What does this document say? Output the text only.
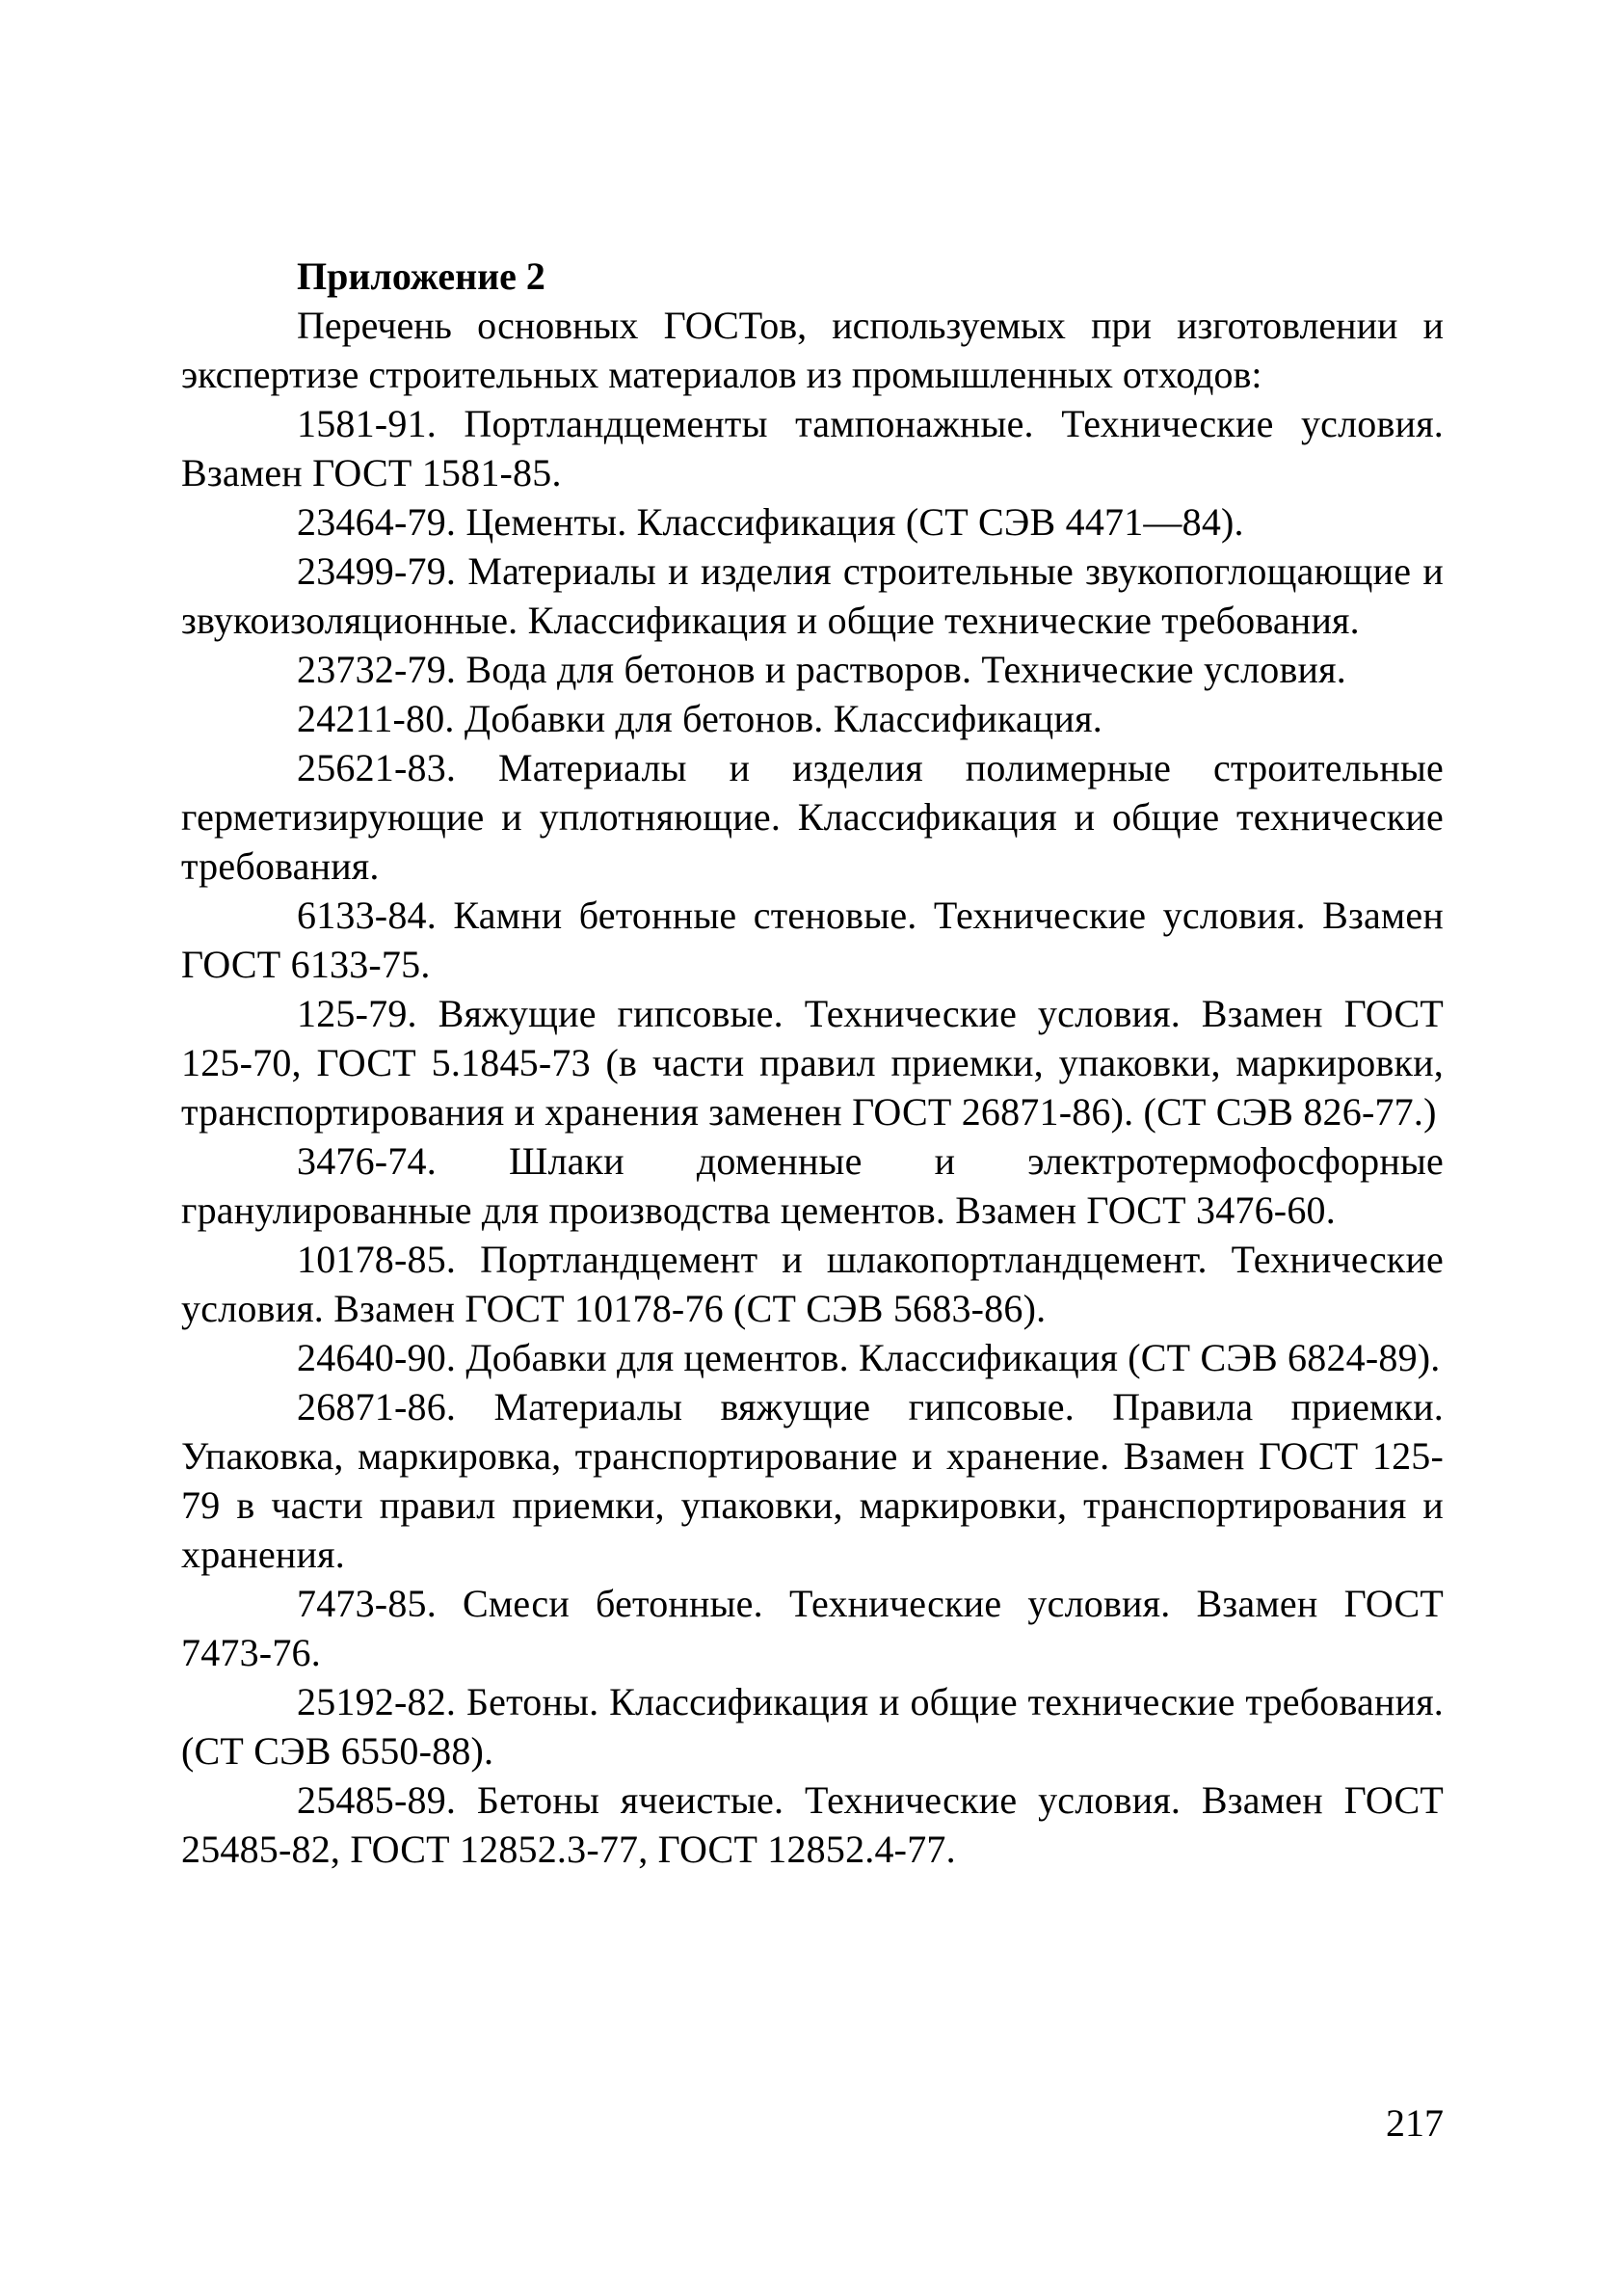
Приложение 2

Перечень основных ГОСТов, используемых при изготовлении и экспертизе строительных материалов из промышленных отходов:

1581-91. Портландцементы тампонажные. Технические условия. Взамен ГОСТ 1581-85.

23464-79. Цементы. Классификация (СТ СЭВ 4471—84).

23499-79. Материалы и изделия строительные звукопоглощающие и звукоизоляционные. Классификация и общие технические требования.

23732-79. Вода для бетонов и растворов. Технические условия.

24211-80. Добавки для бетонов. Классификация.

25621-83. Материалы и изделия полимерные строительные герметизирующие и уплотняющие. Классификация и общие технические требования.

6133-84. Камни бетонные стеновые. Технические условия. Взамен ГОСТ 6133-75.

125-79. Вяжущие гипсовые. Технические условия. Взамен ГОСТ 125-70, ГОСТ 5.1845-73 (в части правил приемки, упаковки, маркировки, транспортирования и хранения заменен ГОСТ 26871-86). (СТ СЭВ 826-77.)

3476-74. Шлаки доменные и электротермофосфорные гранулированные для производства цементов. Взамен ГОСТ 3476-60.

10178-85. Портландцемент и шлакопортландцемент. Технические условия. Взамен ГОСТ 10178-76 (СТ СЭВ 5683-86).

24640-90. Добавки для цементов. Классификация (СТ СЭВ 6824-89).

26871-86. Материалы вяжущие гипсовые. Правила приемки. Упаковка, маркировка, транспортирование и хранение. Взамен ГОСТ 125-79 в части правил приемки, упаковки, маркировки, транспортирования и хранения.

7473-85. Смеси бетонные. Технические условия. Взамен ГОСТ 7473-76.

25192-82. Бетоны. Классификация и общие технические требования. (СТ СЭВ 6550-88).

25485-89. Бетоны ячеистые. Технические условия. Взамен ГОСТ 25485-82, ГОСТ 12852.3-77, ГОСТ 12852.4-77.

217
